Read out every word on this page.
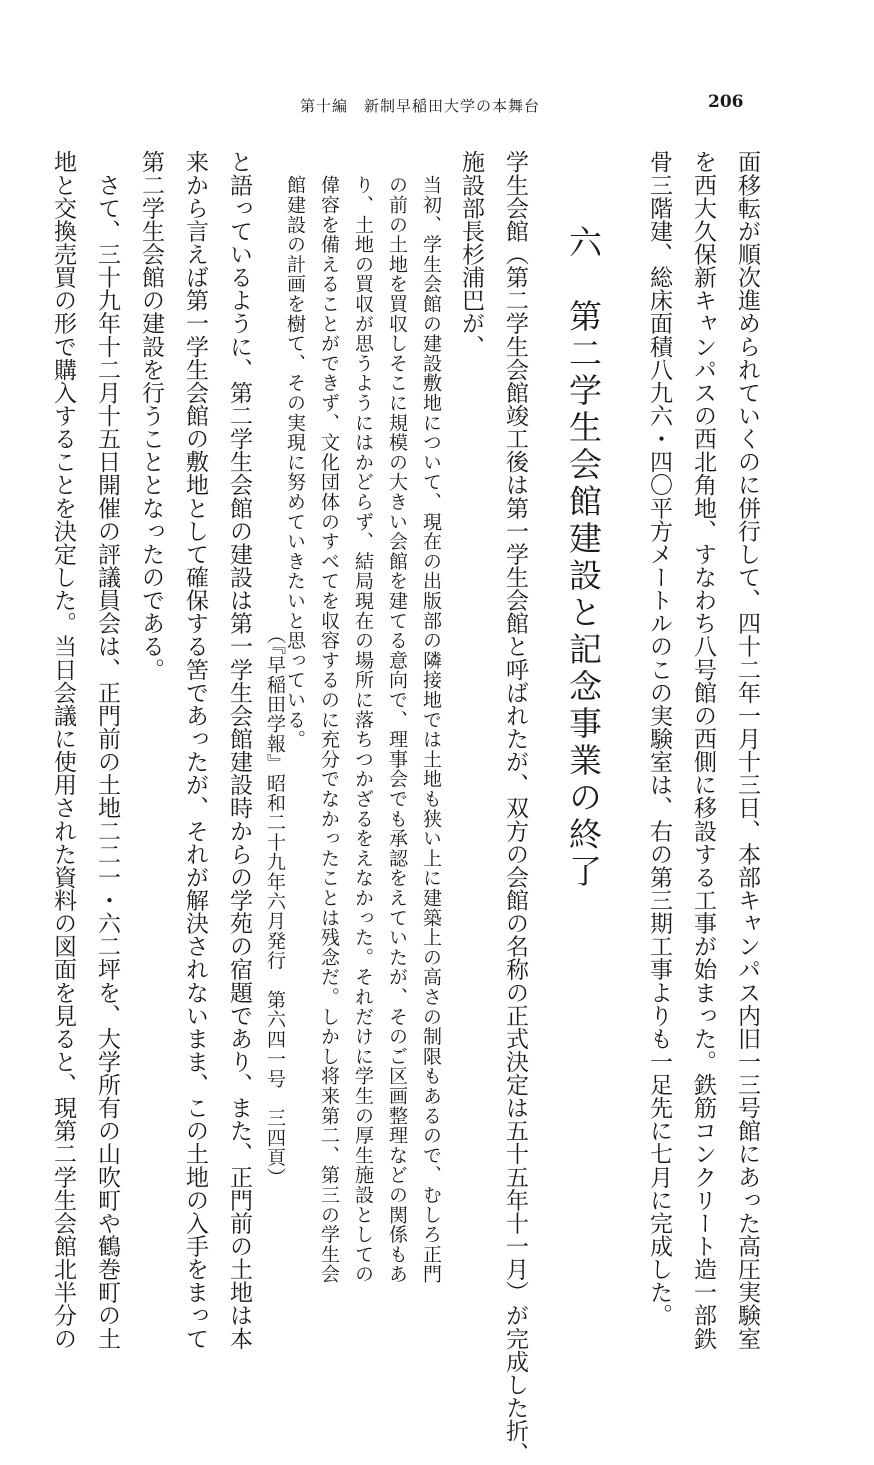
第十編　新制早稲田大学の本舞台	206
面移転が順次進められていくのに併行して、四十二年一月十三日、本部キャンパス内旧一三号館にあった高圧実験室
を西大久保新キャンパスの西北角地、すなわち八号館の西側に移設する工事が始まった。鉄筋コンクリート造一部鉄
骨三階建、総床面積八九六・四〇平方メートルのこの実験室は、右の第三期工事よりも一足先に七月に完成した。
六　第二学生会館建設と記念事業の終了
学生会館（第二学生会館竣工後は第一学生会館と呼ばれたが、双方の会館の名称の正式決定は五十五年十一月）が完成した折、
施設部長杉浦巴が、
当初、学生会館の建設敷地について、現在の出版部の隣接地では土地も狭い上に建築上の高さの制限もあるので、むしろ正門
の前の土地を買収しそこに規模の大きい会館を建てる意向で、理事会でも承認をえていたが、そのご区画整理などの関係もあ
り、土地の買収が思うようにはかどらず、結局現在の場所に落ちつかざるをえなかった。それだけに学生の厚生施設としての
偉容を備えることができず、文化団体のすべてを収容するのに充分でなかったことは残念だ。しかし将来第二、第三の学生会
館建設の計画を樹て、その実現に努めていきたいと思っている。
（『早稲田学報』昭和二十九年六月発行　第六四一号　三四頁）
と語っているように、第二学生会館の建設は第一学生会館建設時からの学苑の宿題であり、また、正門前の土地は本
来から言えば第一学生会館の敷地として確保する筈であったが、それが解決されないまま、この土地の入手をまって
第二学生会館の建設を行うこととなったのである。
　さて、三十九年十二月十五日開催の評議員会は、正門前の土地二二一・六二坪を、大学所有の山吹町や鶴巻町の土
地と交換売買の形で購入することを決定した。当日会議に使用された資料の図面を見ると、現第二学生会館北半分の
